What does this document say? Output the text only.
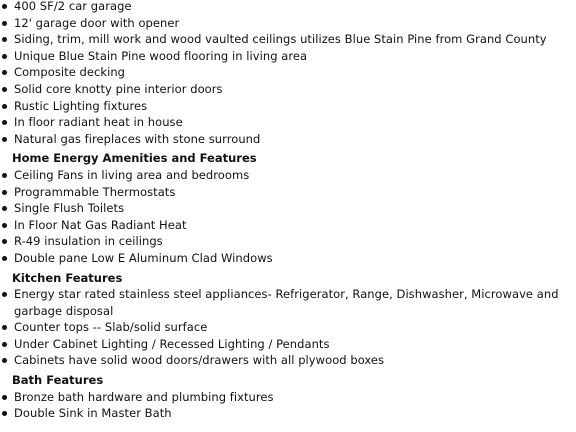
400 SF/2 car garage
12' garage door with opener
Siding, trim, mill work and wood vaulted ceilings utilizes Blue Stain Pine from Grand County
Unique Blue Stain Pine wood flooring in living area
Composite decking
Solid core knotty pine interior doors
Rustic Lighting fixtures
In floor radiant heat in house
Natural gas fireplaces with stone surround
Home Energy Amenities and Features
Ceiling Fans in living area and bedrooms
Programmable Thermostats
Single Flush Toilets
In Floor Nat Gas Radiant Heat
R-49 insulation in ceilings
Double pane Low E Aluminum Clad Windows
Kitchen Features
Energy star rated stainless steel appliances- Refrigerator, Range, Dishwasher, Microwave and garbage disposal
Counter tops -- Slab/solid surface
Under Cabinet Lighting / Recessed Lighting / Pendants
Cabinets have solid wood doors/drawers with all plywood boxes
Bath Features
Bronze bath hardware and plumbing fixtures
Double Sink in Master Bath
